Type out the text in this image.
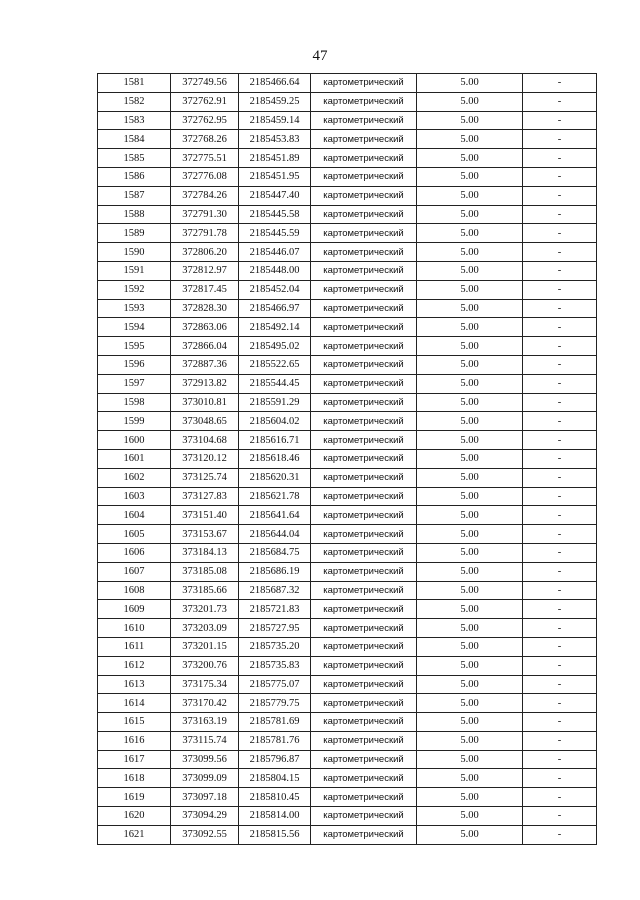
47
1581	372749.56	2185466.64	картометрический	5.00	-
1582	372762.91	2185459.25	картометрический	5.00	-
1583	372762.95	2185459.14	картометрический	5.00	-
1584	372768.26	2185453.83	картометрический	5.00	-
1585	372775.51	2185451.89	картометрический	5.00	-
1586	372776.08	2185451.95	картометрический	5.00	-
1587	372784.26	2185447.40	картометрический	5.00	-
1588	372791.30	2185445.58	картометрический	5.00	-
1589	372791.78	2185445.59	картометрический	5.00	-
1590	372806.20	2185446.07	картометрический	5.00	-
1591	372812.97	2185448.00	картометрический	5.00	-
1592	372817.45	2185452.04	картометрический	5.00	-
1593	372828.30	2185466.97	картометрический	5.00	-
1594	372863.06	2185492.14	картометрический	5.00	-
1595	372866.04	2185495.02	картометрический	5.00	-
1596	372887.36	2185522.65	картометрический	5.00	-
1597	372913.82	2185544.45	картометрический	5.00	-
1598	373010.81	2185591.29	картометрический	5.00	-
1599	373048.65	2185604.02	картометрический	5.00	-
1600	373104.68	2185616.71	картометрический	5.00	-
1601	373120.12	2185618.46	картометрический	5.00	-
1602	373125.74	2185620.31	картометрический	5.00	-
1603	373127.83	2185621.78	картометрический	5.00	-
1604	373151.40	2185641.64	картометрический	5.00	-
1605	373153.67	2185644.04	картометрический	5.00	-
1606	373184.13	2185684.75	картометрический	5.00	-
1607	373185.08	2185686.19	картометрический	5.00	-
1608	373185.66	2185687.32	картометрический	5.00	-
1609	373201.73	2185721.83	картометрический	5.00	-
1610	373203.09	2185727.95	картометрический	5.00	-
1611	373201.15	2185735.20	картометрический	5.00	-
1612	373200.76	2185735.83	картометрический	5.00	-
1613	373175.34	2185775.07	картометрический	5.00	-
1614	373170.42	2185779.75	картометрический	5.00	-
1615	373163.19	2185781.69	картометрический	5.00	-
1616	373115.74	2185781.76	картометрический	5.00	-
1617	373099.56	2185796.87	картометрический	5.00	-
1618	373099.09	2185804.15	картометрический	5.00	-
1619	373097.18	2185810.45	картометрический	5.00	-
1620	373094.29	2185814.00	картометрический	5.00	-
1621	373092.55	2185815.56	картометрический	5.00	-
